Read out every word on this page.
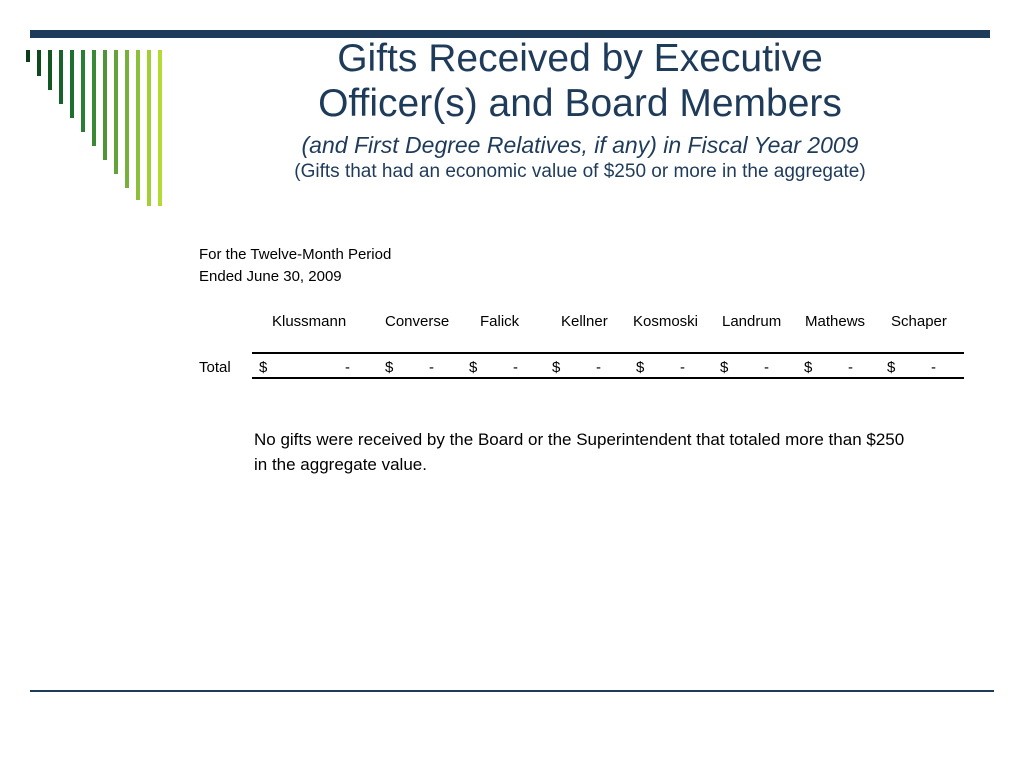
Gifts Received by Executive
Officer(s) and Board Members
(and First Degree Relatives, if any) in Fiscal Year 2009
(Gifts that had an economic value of $250 or more in the aggregate)
For the Twelve-Month Period
Ended June 30, 2009
Klussmann	Converse Falick	Kellner Kosmoski Landrum Mathews Schaper
Total $	- $ - $ - $ - $ - $ - $ - $ -
No gifts were received by the Board or the Superintendent that totaled more than $250
in the aggregate value.
